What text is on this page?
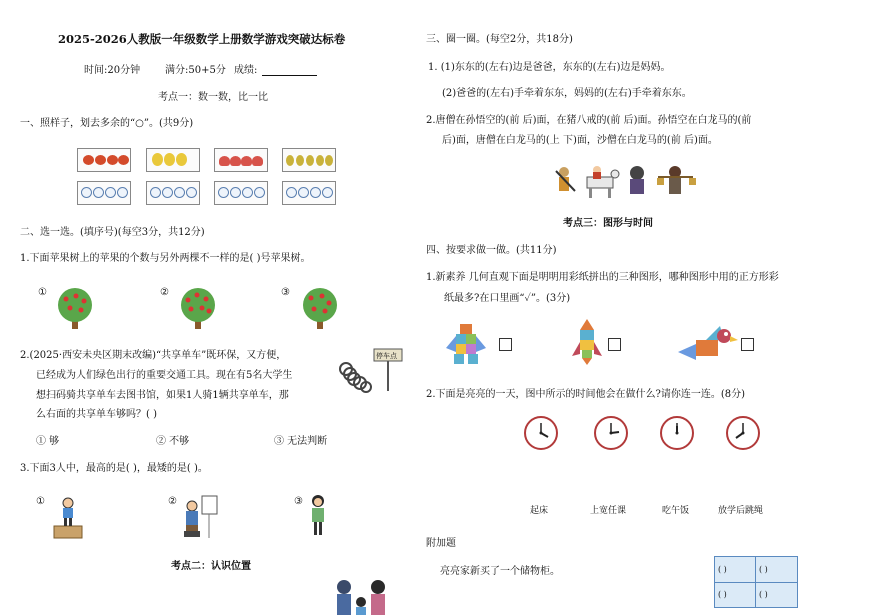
2025-2026人教版一年级数学上册数学游戏突破达标卷
时间:20分钟 满分:50+5分 成绩:
考点一：数一数，比一比
一、照样子，划去多余的“○”。(共9分)
二、选一选。(填序号)(每空3分，共12分)
1.下面苹果树上的苹果的个数与另外两棵不一样的是( )号苹果树。
①	②	③
2.(2025·西安未央区期末改编)“共享单车”既环保，又方便，
已经成为人们绿色出行的重要交通工具。现在有5名大学生
想扫码骑共享单车去图书馆，如果1人骑1辆共享单车，那
么右面的共享单车够吗？( )
停车点
① 够	② 不够	③ 无法判断
3.下面3人中，最高的是( )，最矮的是( )。
①	②	③
考点二：认识位置
三、圈一圈。(每空2分，共18分)
1. (1)东东的(左右)边是爸爸，东东的(左右)边是妈妈。
(2)爸爸的(左右)手牵着东东，妈妈的(左右)手牵着东东。
2.唐僧在孙悟空的(前 后)面，在猪八戒的(前 后)面。孙悟空在白龙马的(前
后)面，唐僧在白龙马的(上 下)面，沙僧在白龙马的(前 后)面。
考点三：图形与时间
四、按要求做一做。(共11分)
1.新素养 几何直观下面是明明用彩纸拼出的三种图形，哪种图形中用的正方形彩
纸最多?在口里画“✓”。(3分)
2.下面是亮亮的一天，图中所示的时间他会在做什么?请你连一连。(8分)
起床	上宽任课	吃午饭	放学后跳绳
附加题
亮亮家新买了一个储物柜。	( )	( )
( )	( )
